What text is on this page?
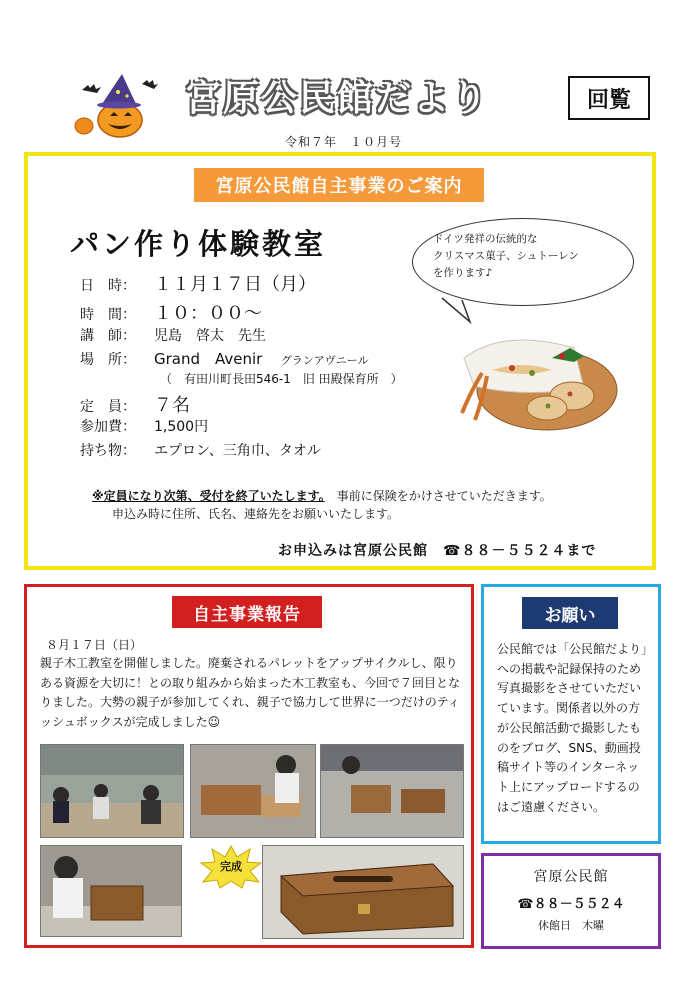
宮原公民館だより	回覧
令和７年　１０月号
宮原公民館自主事業のご案内
パン作り体験教室
日　時： １１月１７日（月）
時　間： １０：００～
講　師： 児島　啓太　先生
場　所： Grand　Avenir グランアヴニール
（　有田川町長田546-1　旧 田殿保育所　）
定　員： ７名
参加費： 1,500円
持ち物： エプロン、三角巾、タオル
ドイツ発祥の伝統的な
クリスマス菓子、シュトーレン
を作ります♪
※定員になり次第、受付を終了いたします。　 事前に保険をかけさせていただきます。
申込み時に住所、氏名、連絡先をお願いいたします。
お申込みは宮原公民館　☎８８－５５２４まで
自主事業報告
８月１７日（日）
親子木工教室を開催しました。廃棄されるパレットをアップサイクルし、限りある資源を大切に！との取り組みから始まった木工教室も、今回で７回目となりました。大勢の親子が参加してくれ、親子で協力して世界に一つだけのティッシュボックスが完成しました☺
完成
お願い
公民館では「公民館だより」への掲載や記録保持のため写真撮影をさせていただいています。関係者以外の方が公民館活動で撮影したものをブログ、SNS、動画投稿サイト等のインターネット上にアップロードするのはご遠慮ください。
宮原公民館
☎８８－５５２４
休館日　木曜
